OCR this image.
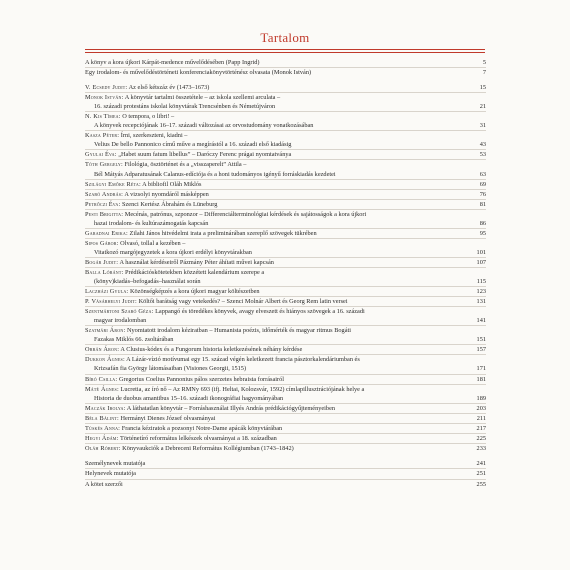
Tartalom
A könyv a kora újkori Kárpát-medence művelődésében (Papp Ingrid)	5
Egy irodalom- és művelődéstörténeti konferenciakönyvtörténész olvasata (Monok István)	7
V. Ecsedy Judit: Az első kétszáz év (1473–1673)	15
Monok István: A könyvtár tartalmi összetétele – az iskola szellemi arculata –
16. századi protestáns iskolai könyvtárak Trencsénben és Németújváron	21
N. Kis Tímea: O tempora, o libri! –
A könyvek recepciójának 16–17. századi változásai az orvostudomány vonatkozásában	31
Kasza Péter: Írni, szerkeszteni, kiadni –
Velius De bello Pannonico című műve a megírástól a 16. századi első kiadásig	43
Gyulai Éva: „Habet suum fatum libellus” – Daróczy Ferenc prágai nyomtatványa	53
Tóth Gergely: Filológia, ösztörténet és a „visszaperelt” Attila –
Bél Mátyás Adparatusának Calanus-edíciója és a honi tudományos igényű forráskiadás kezdetei	63
Szilágyi Emőke Réta: A bibliofil Oláh Miklós	69
Szabó András: A vizsolyi nyomdáról másképpen	76
Petrőczi Éva: Szenci Kertész Ábrahám és Lüneburg	81
Pesti Brigitta: Mecénás, patrónus, szponzor – Differenciálterminológiai kérdések és sajátosságok a kora újkori
hazai irodalom- és kultúrazámogatás kapcsán	86
Garadnai Erika: Zilahi János hitvédelmi irata a preliminárában szereplő szövegek tükrében	95
Sipos Gábor: Olvasó, tollal a kezében –
Vitatkozó margójegyzetek a kora újkori erdélyi könyvtárakban	101
Bogár Judit: A használat kérdéseiről Pázmány Péter áhítati művei kapcsán	107
Balla Lóránt: Prédikációskötetekben közzétett kalendárium szerepe a
(könyv)kiadás–befogadás–használat során	115
Laczházi Gyula: Közönségképzés a kora újkori magyar költészetben	123
P. Vásárhelyi Judit: Költői barátság vagy vetekedés? – Szenci Molnár Albert és Georg Rem latin versei	131
Szentmártoni Szabó Géza: Lappangó és töredékes könyvek, avagy elveszett és hiányos szövegek a 16. századi
magyar irodalomban	141
Szatmári Áron: Nyomtatott irodalom kéziratban – Humanista poézis, időmérték és magyar ritmus Bogáti
Fazakas Miklós 66. zsoltárában	151
Orbán Áron: A Clusius-kódex és a Fungorum historia keletkezésének néhány kérdése	157
Dukkon Ágnes: A Lázár-vízió motívumai egy 15. század végén keletkezett francia pásztorkalendáriumban és
Krizsafán fia György látomásaiban (Visiones Georgii, 1515)	171
Bíró Csilla: Gregorius Coelius Pannonius pálos szerzetes hebraista forrásairól	181
Máté Ágnes: Lucretia, az író nő – Az RMNy 693 (ifj. Heltai, Kolozsvár, 1592) címlapillusztrációjának helye a
Historia de duobus amantibus 15–16. századi ikonográfiai hagyományában	189
Maczák Ibolya: A láthatatlan könyvtár – Forráshasználat Illyés András prédikációgyűjteményeiben	203
Béla Bálint: Hermányi Dienes József olvasmányai	211
Tüskés Anna: Francia kéziratok a pozsonyi Notre-Dame apácák könyvtárában	217
Hegyi Ádám: Történetíró református lelkészek olvasmányai a 18. században	225
Oláh Róbert: Könyvaukciók a Debreceni Református Kollégiumban (1743–1842)	233
Személynevek mutatója	241
Helynevek mutatója	251
A kötet szerzői	255
